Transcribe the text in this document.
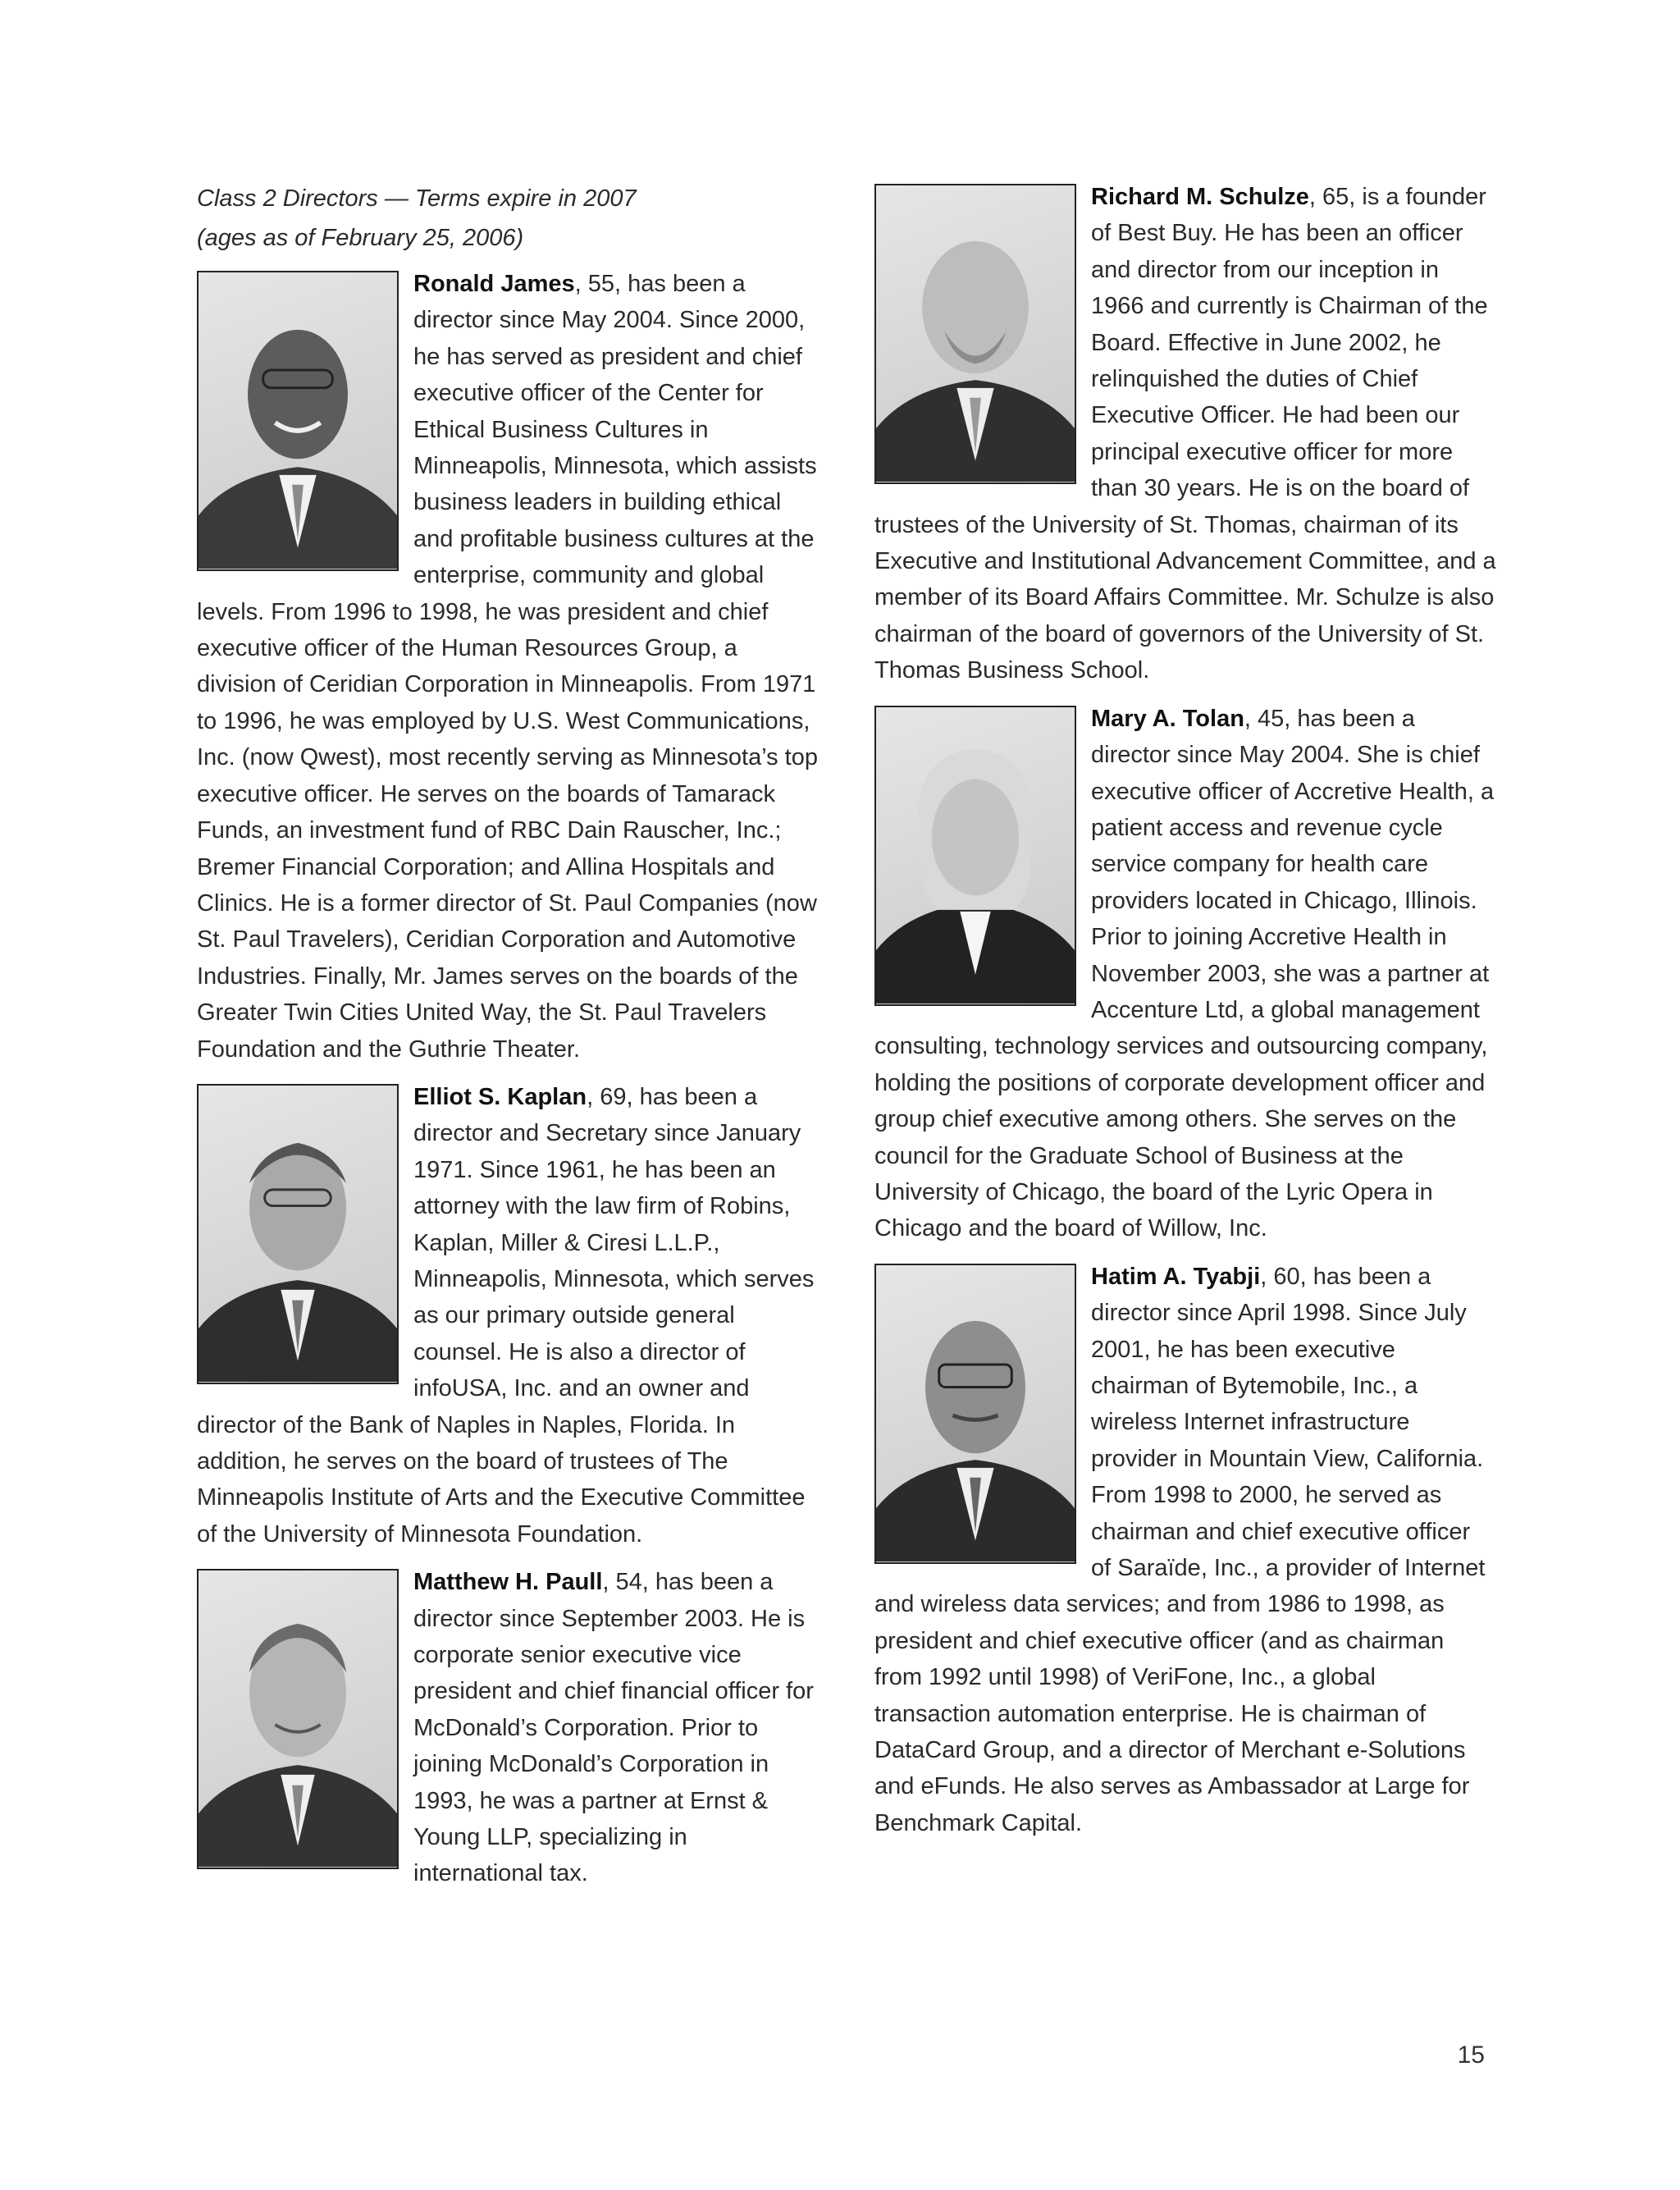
Class 2 Directors — Terms expire in 2007
(ages as of February 25, 2006)
Ronald James, 55, has been a director since May 2004. Since 2000, he has served as president and chief executive officer of the Center for Ethical Business Cultures in Minneapolis, Minnesota, which assists business leaders in building ethical and profitable business cultures at the enterprise, community and global levels. From 1996 to 1998, he was president and chief executive officer of the Human Resources Group, a division of Ceridian Corporation in Minneapolis. From 1971 to 1996, he was employed by U.S. West Communications, Inc. (now Qwest), most recently serving as Minnesota’s top executive officer. He serves on the boards of Tamarack Funds, an investment fund of RBC Dain Rauscher, Inc.; Bremer Financial Corporation; and Allina Hospitals and Clinics. He is a former director of St. Paul Companies (now St. Paul Travelers), Ceridian Corporation and Automotive Industries. Finally, Mr. James serves on the boards of the Greater Twin Cities United Way, the St. Paul Travelers Foundation and the Guthrie Theater.
Elliot S. Kaplan, 69, has been a director and Secretary since January 1971. Since 1961, he has been an attorney with the law firm of Robins, Kaplan, Miller & Ciresi L.L.P., Minneapolis, Minnesota, which serves as our primary outside general counsel. He is also a director of infoUSA, Inc. and an owner and director of the Bank of Naples in Naples, Florida. In addition, he serves on the board of trustees of The Minneapolis Institute of Arts and the Executive Committee of the University of Minnesota Foundation.
Matthew H. Paull, 54, has been a director since September 2003. He is corporate senior executive vice president and chief financial officer for McDonald’s Corporation. Prior to joining McDonald’s Corporation in 1993, he was a partner at Ernst & Young LLP, specializing in international tax.
Richard M. Schulze, 65, is a founder of Best Buy. He has been an officer and director from our inception in 1966 and currently is Chairman of the Board. Effective in June 2002, he relinquished the duties of Chief Executive Officer. He had been our principal executive officer for more than 30 years. He is on the board of trustees of the University of St. Thomas, chairman of its Executive and Institutional Advancement Committee, and a member of its Board Affairs Committee. Mr. Schulze is also chairman of the board of governors of the University of St. Thomas Business School.
Mary A. Tolan, 45, has been a director since May 2004. She is chief executive officer of Accretive Health, a patient access and revenue cycle service company for health care providers located in Chicago, Illinois. Prior to joining Accretive Health in November 2003, she was a partner at Accenture Ltd, a global management consulting, technology services and outsourcing company, holding the positions of corporate development officer and group chief executive among others. She serves on the council for the Graduate School of Business at the University of Chicago, the board of the Lyric Opera in Chicago and the board of Willow, Inc.
Hatim A. Tyabji, 60, has been a director since April 1998. Since July 2001, he has been executive chairman of Bytemobile, Inc., a wireless Internet infrastructure provider in Mountain View, California. From 1998 to 2000, he served as chairman and chief executive officer of Saraïde, Inc., a provider of Internet and wireless data services; and from 1986 to 1998, as president and chief executive officer (and as chairman from 1992 until 1998) of VeriFone, Inc., a global transaction automation enterprise. He is chairman of DataCard Group, and a director of Merchant e-Solutions and eFunds. He also serves as Ambassador at Large for Benchmark Capital.
15
